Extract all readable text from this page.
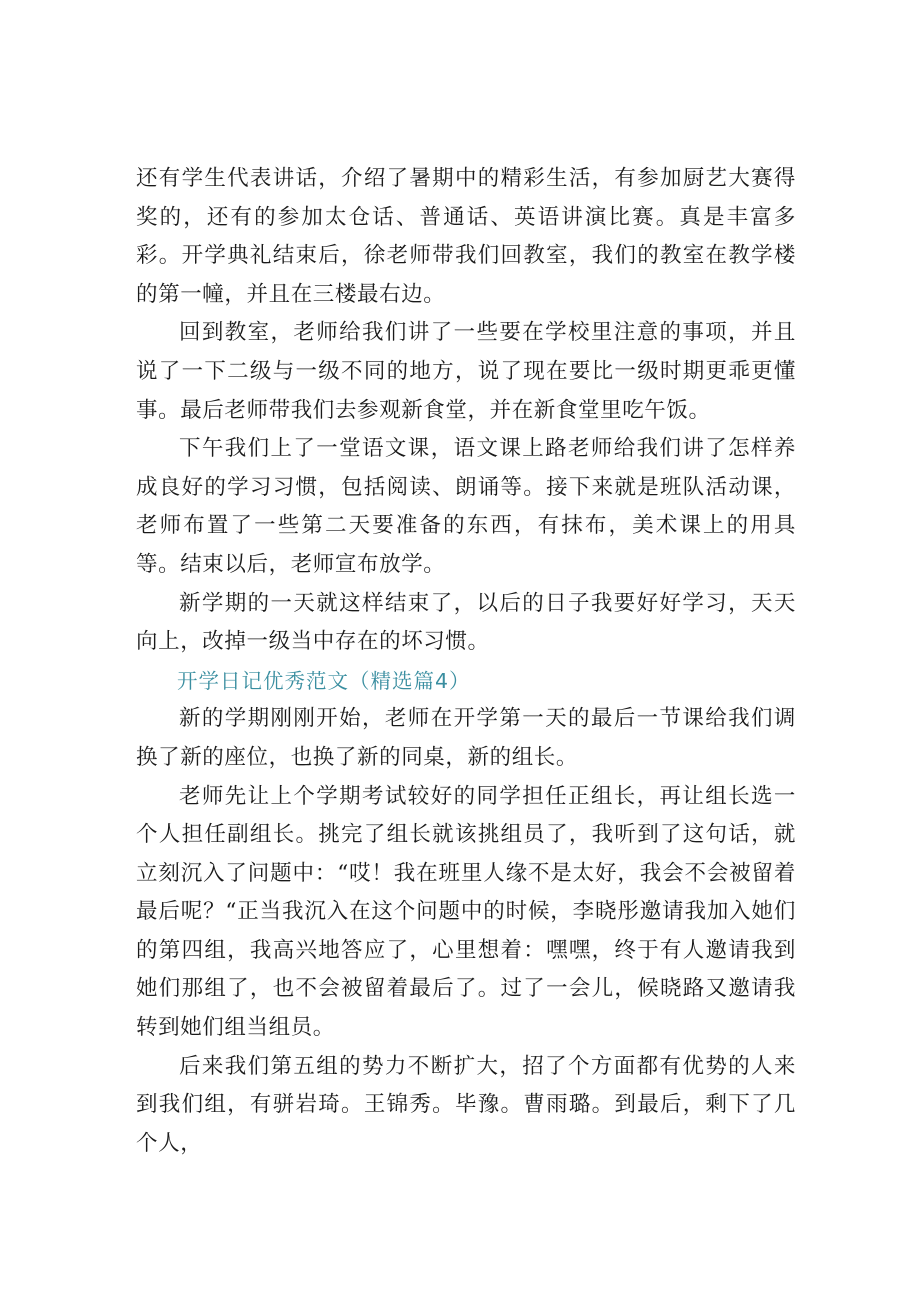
还有学生代表讲话，介绍了暑期中的精彩生活，有参加厨艺大赛得奖的，还有的参加太仓话、普通话、英语讲演比赛。真是丰富多彩。开学典礼结束后，徐老师带我们回教室，我们的教室在教学楼的第一幢，并且在三楼最右边。

回到教室，老师给我们讲了一些要在学校里注意的事项，并且说了一下二级与一级不同的地方，说了现在要比一级时期更乖更懂事。最后老师带我们去参观新食堂，并在新食堂里吃午饭。

下午我们上了一堂语文课，语文课上路老师给我们讲了怎样养成良好的学习习惯，包括阅读、朗诵等。接下来就是班队活动课，老师布置了一些第二天要准备的东西，有抹布，美术课上的用具等。结束以后，老师宣布放学。

新学期的一天就这样结束了，以后的日子我要好好学习，天天向上，改掉一级当中存在的坏习惯。

开学日记优秀范文（精选篇4）

新的学期刚刚开始，老师在开学第一天的最后一节课给我们调换了新的座位，也换了新的同桌，新的组长。

老师先让上个学期考试较好的同学担任正组长，再让组长选一个人担任副组长。挑完了组长就该挑组员了，我听到了这句话，就立刻沉入了问题中：“哎！我在班里人缘不是太好，我会不会被留着最后呢？“正当我沉入在这个问题中的时候，李晓彤邀请我加入她们的第四组，我高兴地答应了，心里想着：嘿嘿，终于有人邀请我到她们那组了，也不会被留着最后了。过了一会儿，候晓路又邀请我转到她们组当组员。

后来我们第五组的势力不断扩大，招了个方面都有优势的人来到我们组，有骈岩琦。王锦秀。毕豫。曹雨璐。到最后，剩下了几个人，
